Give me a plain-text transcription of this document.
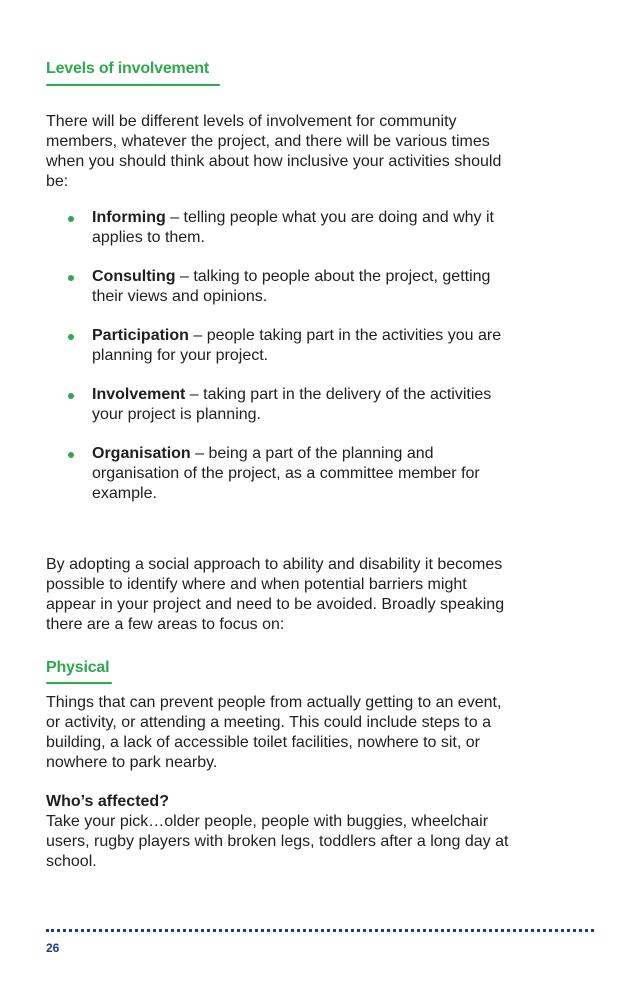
Levels of involvement

There will be different levels of involvement for community members, whatever the project, and there will be various times when you should think about how inclusive your activities should be:

Informing – telling people what you are doing and why it applies to them.
Consulting – talking to people about the project, getting their views and opinions.
Participation – people taking part in the activities you are planning for your project.
Involvement – taking part in the delivery of the activities your project is planning.
Organisation – being a part of the planning and organisation of the project, as a committee member for example.

By adopting a social approach to ability and disability it becomes possible to identify where and when potential barriers might appear in your project and need to be avoided. Broadly speaking there are a few areas to focus on:

Physical

Things that can prevent people from actually getting to an event, or activity, or attending a meeting. This could include steps to a building, a lack of accessible toilet facilities, nowhere to sit, or nowhere to park nearby.

Who’s affected?

Take your pick…older people, people with buggies, wheelchair users, rugby players with broken legs, toddlers after a long day at school.

26
